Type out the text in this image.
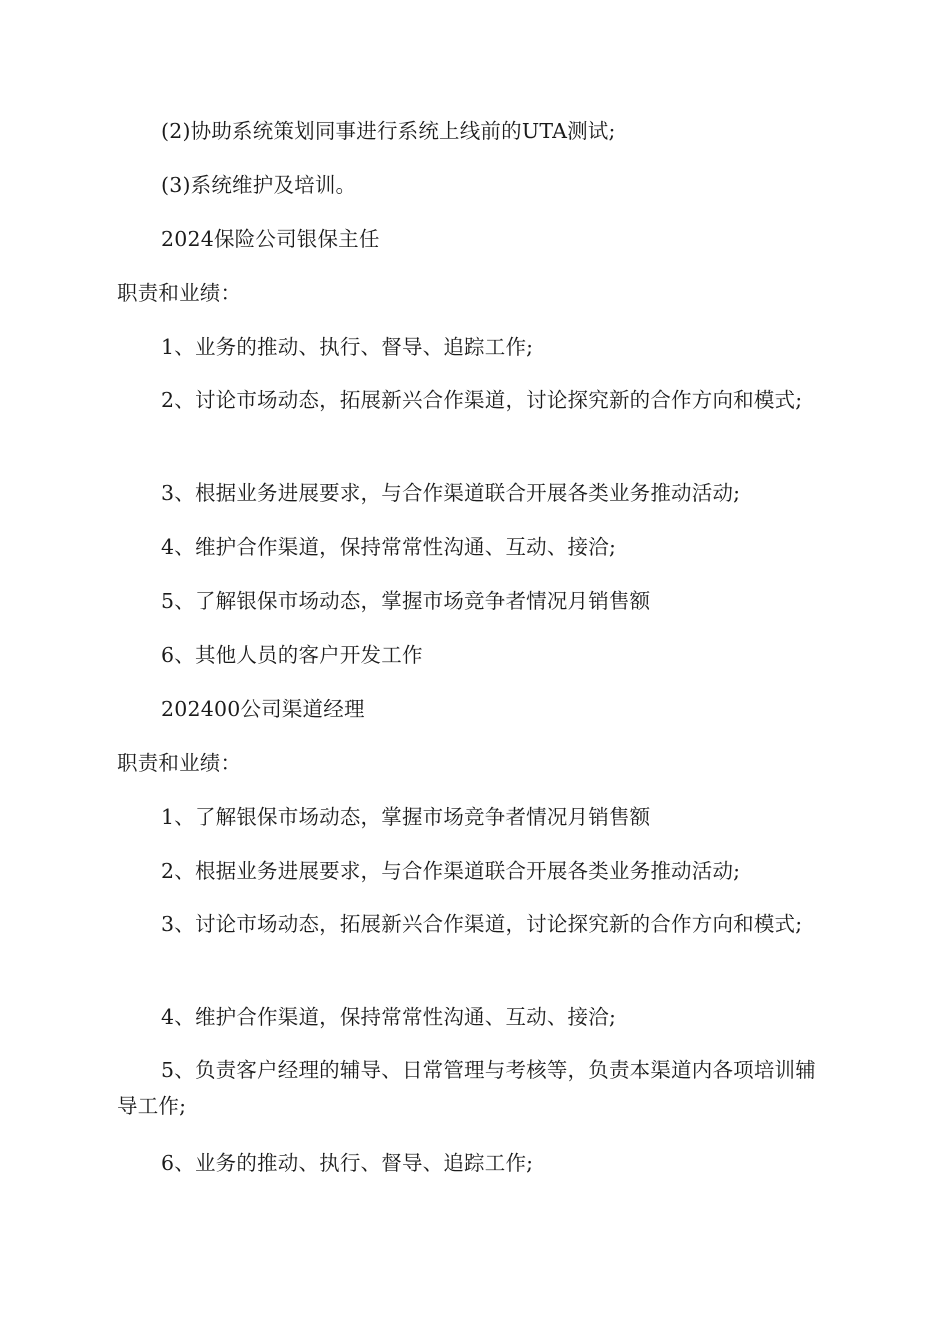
(2)协助系统策划同事进行系统上线前的UTA测试;
(3)系统维护及培训。
2024保险公司银保主任
职责和业绩：
1、业务的推动、执行、督导、追踪工作;
2、讨论市场动态，拓展新兴合作渠道，讨论探究新的合作方向和模式;
3、根据业务进展要求，与合作渠道联合开展各类业务推动活动;
4、维护合作渠道，保持常常性沟通、互动、接洽;
5、了解银保市场动态，掌握市场竞争者情况月销售额
6、其他人员的客户开发工作
202400公司渠道经理
职责和业绩：
1、了解银保市场动态，掌握市场竞争者情况月销售额
2、根据业务进展要求，与合作渠道联合开展各类业务推动活动;
3、讨论市场动态，拓展新兴合作渠道，讨论探究新的合作方向和模式;
4、维护合作渠道，保持常常性沟通、互动、接洽;
5、负责客户经理的辅导、日常管理与考核等，负责本渠道内各项培训辅导工作;
6、业务的推动、执行、督导、追踪工作;
